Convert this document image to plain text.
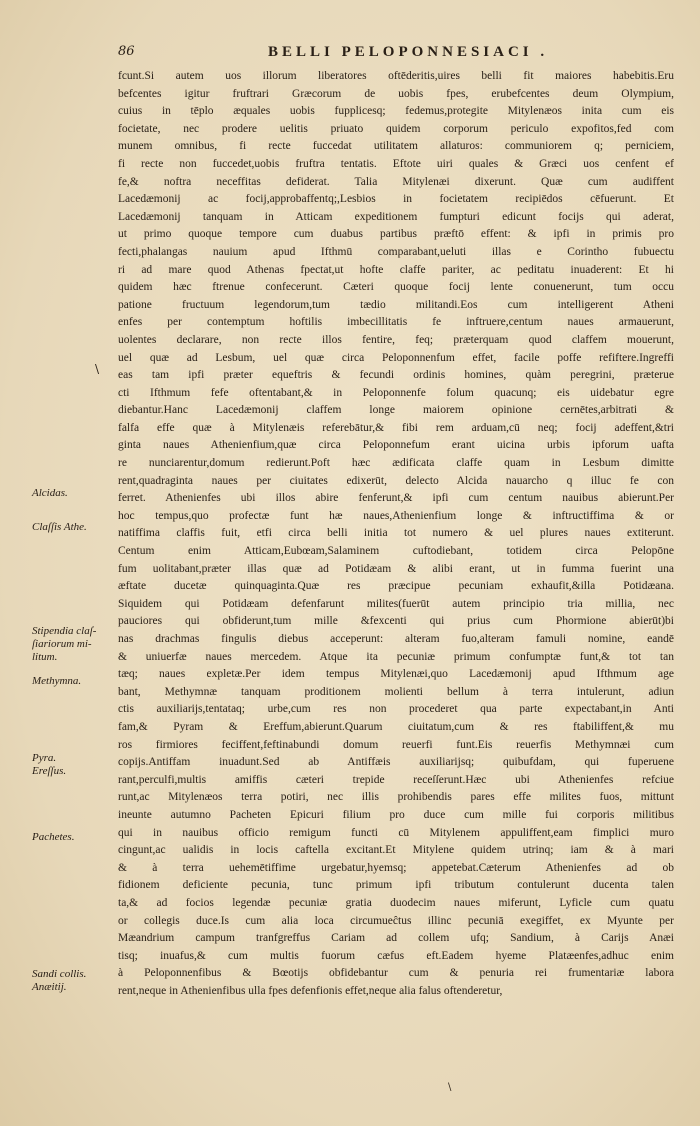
86	BELLI PELOPONNESIACI .
fcunt.Si autem uos illorum liberatores oftēderitis,uires belli fit maiores habebitis.Eru
befcentes igitur fruftrari Græcorum de uobis fpes, erubefcentes deum Olympium,
cuius in tēplo æquales uobis fupplicesq; fedemus,protegite Mitylenæos inita cum eis
focietate, nec prodere uelitis priuato quidem corporum periculo expofitos,fed com
munem omnibus, fi recte fuccedat utilitatem allaturos: communiorem q; perniciem,
fi recte non fuccedet,uobis fruftra tentatis. Eftote uiri quales & Græci uos cenfent ef
fe,& noftra neceffitas defiderat. Talia Mitylenæi dixerunt. Quæ cum audiffent
Lacedæmonij ac focij,approbaffentq;,Lesbios in focietatem recipiēdos cēfuerunt. Et
Lacedæmonij tanquam in Atticam expeditionem fumpturi edicunt focijs qui aderat,
ut primo quoque tempore cum duabus partibus præftō effent: & ipfi in primis pro
fecti,phalangas nauium apud Ifthmū comparabant,ueluti illas e Corintho fubuectu
ri ad mare quod Athenas fpectat,ut hofte claffe pariter, ac peditatu inuaderent: Et hi
quidem hæc ftrenue confecerunt. Cæteri quoque focij lente conuenerunt, tum occu
patione fructuum legendorum,tum tædio militandi.Eos cum intelligerent Atheni
enfes per contemptum hoftilis imbecillitatis fe inftruere,centum naues armauerunt,
uolentes declarare, non recte illos fentire, feq; præterquam quod claffem mouerunt,
uel quæ ad Lesbum, uel quæ circa Peloponnenfum effet, facile poffe refiftere.Ingreffi
eas tam ipfi præter equeftris & fecundi ordinis homines, quàm peregrini, præterue
cti Ifthmum fefe oftentabant,& in Peloponnenfe folum quacunq; eis uidebatur egre
diebantur.Hanc Lacedæmonij claffem longe maiorem opinione cernētes,arbitrati &
falfa effe quæ à Mitylenæis referebātur,& fibi rem arduam,cū neq; focij adeffent,&tri
ginta naues Athenienfium,quæ circa Peloponnefum erant uicina urbis ipforum uafta
re nunciarentur,domum redierunt.Poft hæc ædificata claffe quam in Lesbum dimitte
rent,quadraginta naues per ciuitates edixerūt, delecto Alcida nauarcho q illuc fe con
ferret. Athenienfes ubi illos abire fenferunt,& ipfi cum centum nauibus abierunt.Per
hoc tempus,quo profectæ funt hæ naues,Athenienfium longe & inftructiffima & or
natiffima claffis fuit, etfi circa belli initia tot numero & uel plures naues extiterunt.
Centum enim Atticam,Eubœam,Salaminem cuftodiebant, totidem circa Pelopōne
fum uolitabant,præter illas quæ ad Potidæam & alibi erant, ut in fumma fuerint una
æftate ducetæ quinquaginta.Quæ res præcipue pecuniam exhaufit,&illa Potidæana.
Siquidem qui Potidæam defenfarunt milites(fuerūt autem principio tria millia, nec
pauciores qui obfiderunt,tum mille &fexcenti qui prius cum Phormione abierūt)bi
nas drachmas fingulis diebus acceperunt: alteram fuo,alteram famuli nomine, eandē
& uniuerfæ naues mercedem. Atque ita pecuniæ primum confumptæ funt,& tot tan
tæq; naues expletæ.Per idem tempus Mitylenæi,quo Lacedæmonij apud Ifthmum age
bant, Methymnæ tanquam proditionem molienti bellum à terra intulerunt, adiun
ctis auxiliarijs,tentataq; urbe,cum res non procederet qua parte expectabant,in Anti
fam,& Pyram & Ereffum,abierunt.Quarum ciuitatum,cum & res ftabiliffent,& mu
ros firmiores feciffent,feftinabundi domum reuerfi funt.Eis reuerfis Methymnæi cum
copijs.Antiffam inuadunt.Sed ab Antiffæis auxiliarijsq; quibufdam, qui fuperuene
rant,perculfi,multis amiffis cæteri trepide receſſerunt.Hæc ubi Athenienfes refciue
runt,ac Mitylenæos terra potiri, nec illis prohibendis pares effe milites fuos, mittunt
ineunte autumno Pacheten Epicuri filium pro duce cum mille fui corporis militibus
qui in nauibus officio remigum functi cū Mitylenem appuliffent,eam fimplici muro
cingunt,ac ualidis in locis caftella excitant.Et Mitylene quidem utrinq; iam & à mari
& à terra uehemētiffime urgebatur,hyemsq; appetebat.Cæterum Athenienfes ad ob
fidionem deficiente pecunia, tunc primum ipfi tributum contulerunt ducenta talen
ta,& ad focios legendæ pecuniæ gratia duodecim naues miferunt, Lyficle cum quatu
or collegis duce.Is cum alia loca circumueĉtus illinc pecuniā exegiffet, ex Myunte per
Mæandrium campum tranfgreffus Cariam ad collem ufq; Sandium, à Carijs Anæi
tisq; inuafus,& cum multis fuorum cæfus eft.Eadem hyeme Platæenfes,adhuc enim
à Peloponnenfibus & Bœotijs obfidebantur cum & penuria rei frumentariæ labora
rent,neque in Athenienfibus ulla fpes defenfionis effet,neque alia falus oftenderetur,
Alcidas.
Claſſis Athe.
Stipendia claſ-ſiariorum mi-litum.
Methymna.
Pyra. Ereſſus.
Pachetes.
Sandi collis. Anæitij.
\
\
